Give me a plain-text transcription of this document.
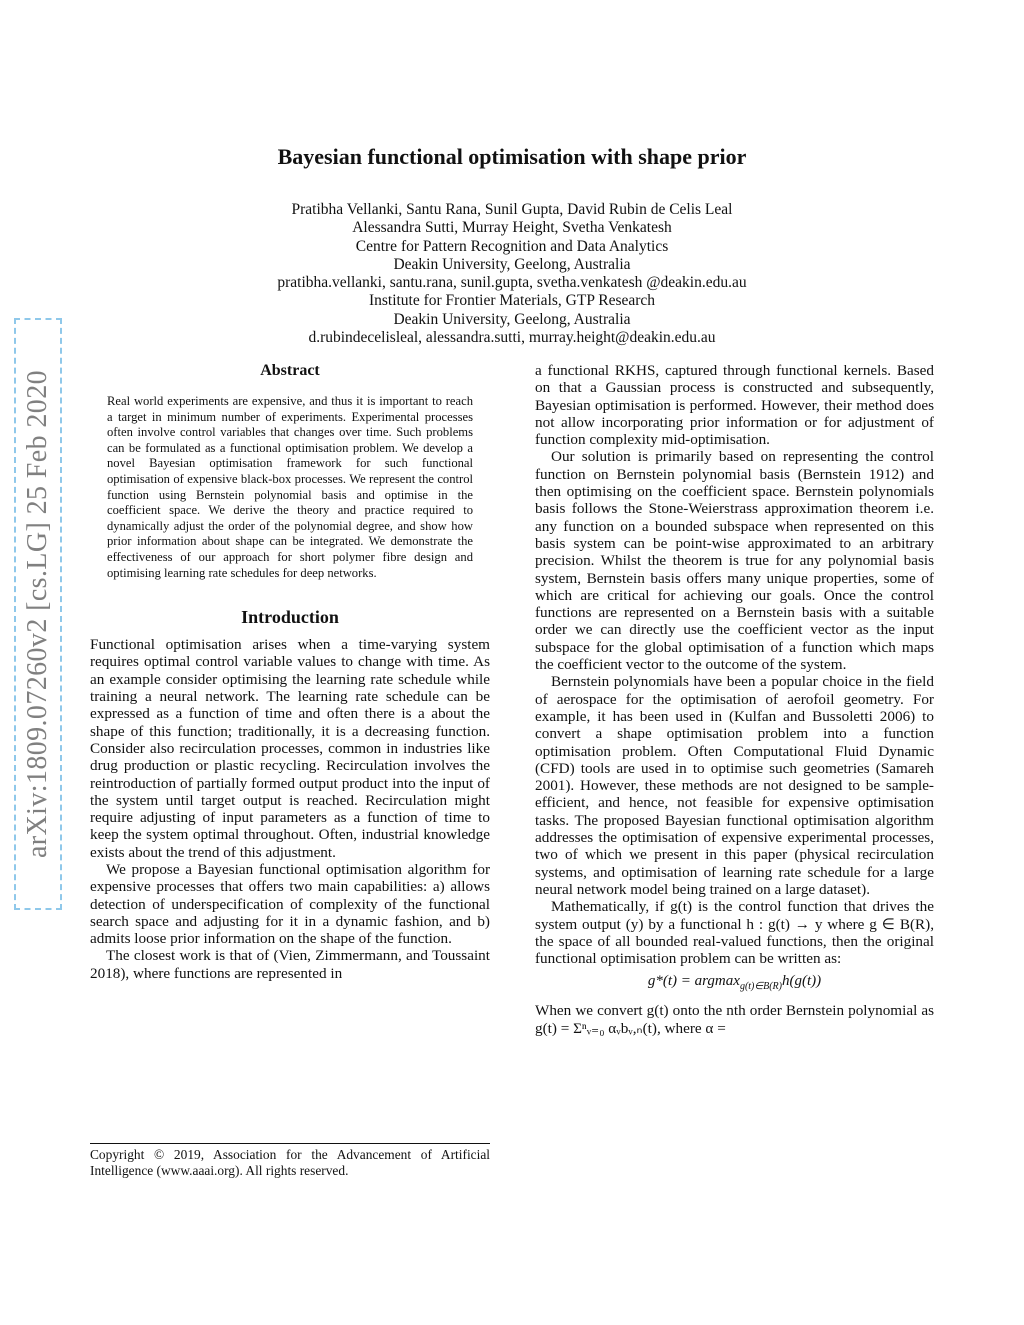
arXiv:1809.07260v2 [cs.LG] 25 Feb 2020
Bayesian functional optimisation with shape prior
Pratibha Vellanki, Santu Rana, Sunil Gupta, David Rubin de Celis Leal
Alessandra Sutti, Murray Height, Svetha Venkatesh
Centre for Pattern Recognition and Data Analytics
Deakin University, Geelong, Australia
pratibha.vellanki, santu.rana, sunil.gupta, svetha.venkatesh @deakin.edu.au
Institute for Frontier Materials, GTP Research
Deakin University, Geelong, Australia
d.rubindecelisleal, alessandra.sutti, murray.height@deakin.edu.au
Abstract

Real world experiments are expensive, and thus it is important to reach a target in minimum number of experiments. Experimental processes often involve control variables that changes over time. Such problems can be formulated as a functional optimisation problem. We develop a novel Bayesian optimisation framework for such functional optimisation of expensive black-box processes. We represent the control function using Bernstein polynomial basis and optimise in the coefficient space. We derive the theory and practice required to dynamically adjust the order of the polynomial degree, and show how prior information about shape can be integrated. We demonstrate the effectiveness of our approach for short polymer fibre design and optimising learning rate schedules for deep networks.

Introduction

Functional optimisation arises when a time-varying system requires optimal control variable values to change with time. As an example consider optimising the learning rate schedule while training a neural network. The learning rate schedule can be expressed as a function of time and often there is a about the shape of this function; traditionally, it is a decreasing function. Consider also recirculation processes, common in industries like drug production or plastic recycling. Recirculation involves the reintroduction of partially formed output product into the input of the system until target output is reached. Recirculation might require adjusting of input parameters as a function of time to keep the system optimal throughout. Often, industrial knowledge exists about the trend of this adjustment.

We propose a Bayesian functional optimisation algorithm for expensive processes that offers two main capabilities: a) allows detection of underspecification of complexity of the functional search space and adjusting for it in a dynamic fashion, and b) admits loose prior information on the shape of the function.

The closest work is that of (Vien, Zimmermann, and Toussaint 2018), where functions are represented in

Copyright © 2019, Association for the Advancement of Artificial Intelligence (www.aaai.org). All rights reserved.

a functional RKHS, captured through functional kernels. Based on that a Gaussian process is constructed and subsequently, Bayesian optimisation is performed. However, their method does not allow incorporating prior information or for adjustment of function complexity mid-optimisation.

Our solution is primarily based on representing the control function on Bernstein polynomial basis (Bernstein 1912) and then optimising on the coefficient space. Bernstein polynomials basis follows the Stone-Weierstrass approximation theorem i.e. any function on a bounded subspace when represented on this basis system can be point-wise approximated to an arbitrary precision. Whilst the theorem is true for any polynomial basis system, Bernstein basis offers many unique properties, some of which are critical for achieving our goals. Once the control functions are represented on a Bernstein basis with a suitable order we can directly use the coefficient vector as the input subspace for the global optimisation of a function which maps the coefficient vector to the outcome of the system.

Bernstein polynomials have been a popular choice in the field of aerospace for the optimisation of aerofoil geometry. For example, it has been used in (Kulfan and Bussoletti 2006) to convert a shape optimisation problem into a function optimisation problem. Often Computational Fluid Dynamic (CFD) tools are used in to optimise such geometries (Samareh 2001). However, these methods are not designed to be sample-efficient, and hence, not feasible for expensive optimisation tasks. The proposed Bayesian functional optimisation algorithm addresses the optimisation of expensive experimental processes, two of which we present in this paper (physical recirculation systems, and optimisation of learning rate schedule for a large neural network model being trained on a large dataset).

Mathematically, if g(t) is the control function that drives the system output (y) by a functional h : g(t) → y where g ∈ B(R), the space of all bounded real-valued functions, then the original functional optimisation problem can be written as:

g*(t) = argmax$_{g(t)\in B(R)}$h(g(t))

When we convert g(t) onto the nth order Bernstein polynomial as g(t) = Σⁿᵥ₌₀ αᵥbᵥ,ₙ(t), where α =
